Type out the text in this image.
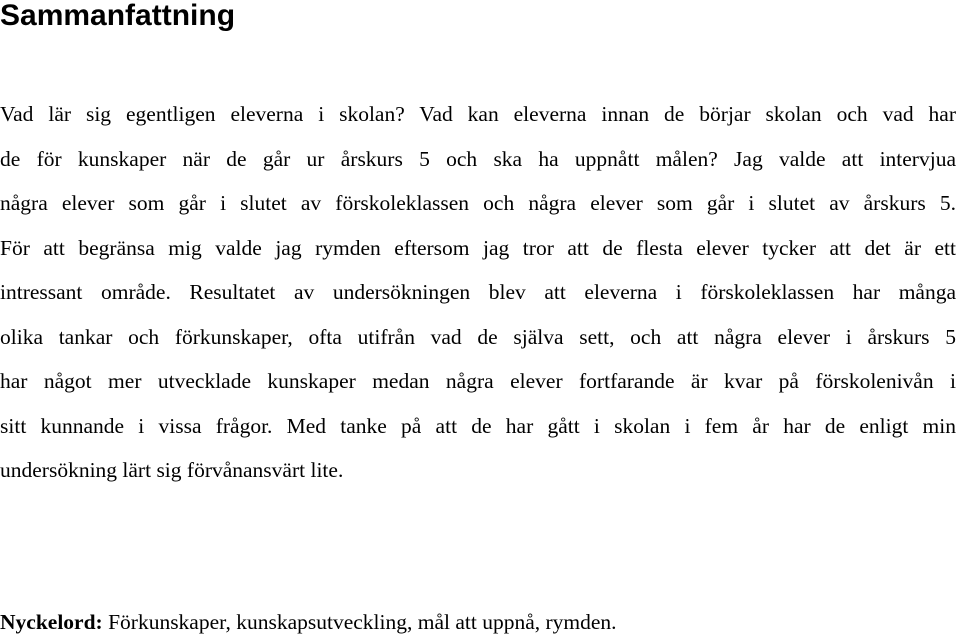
Sammanfattning
Vad lär sig egentligen eleverna i skolan? Vad kan eleverna innan de börjar skolan och vad har
de för kunskaper när de går ur årskurs 5 och ska ha uppnått målen? Jag valde att intervjua
några elever som går i slutet av förskoleklassen och några elever som går i slutet av årskurs 5.
För att begränsa mig valde jag rymden eftersom jag tror att de flesta elever tycker att det är ett
intressant område. Resultatet av undersökningen blev att eleverna i förskoleklassen har många
olika tankar och förkunskaper, ofta utifrån vad de själva sett, och att några elever i årskurs 5
har något mer utvecklade kunskaper medan några elever fortfarande är kvar på förskolenivån i
sitt kunnande i vissa frågor. Med tanke på att de har gått i skolan i fem år har de enligt min
undersökning lärt sig förvånansvärt lite.
Nyckelord: Förkunskaper, kunskapsutveckling, mål att uppnå, rymden.
